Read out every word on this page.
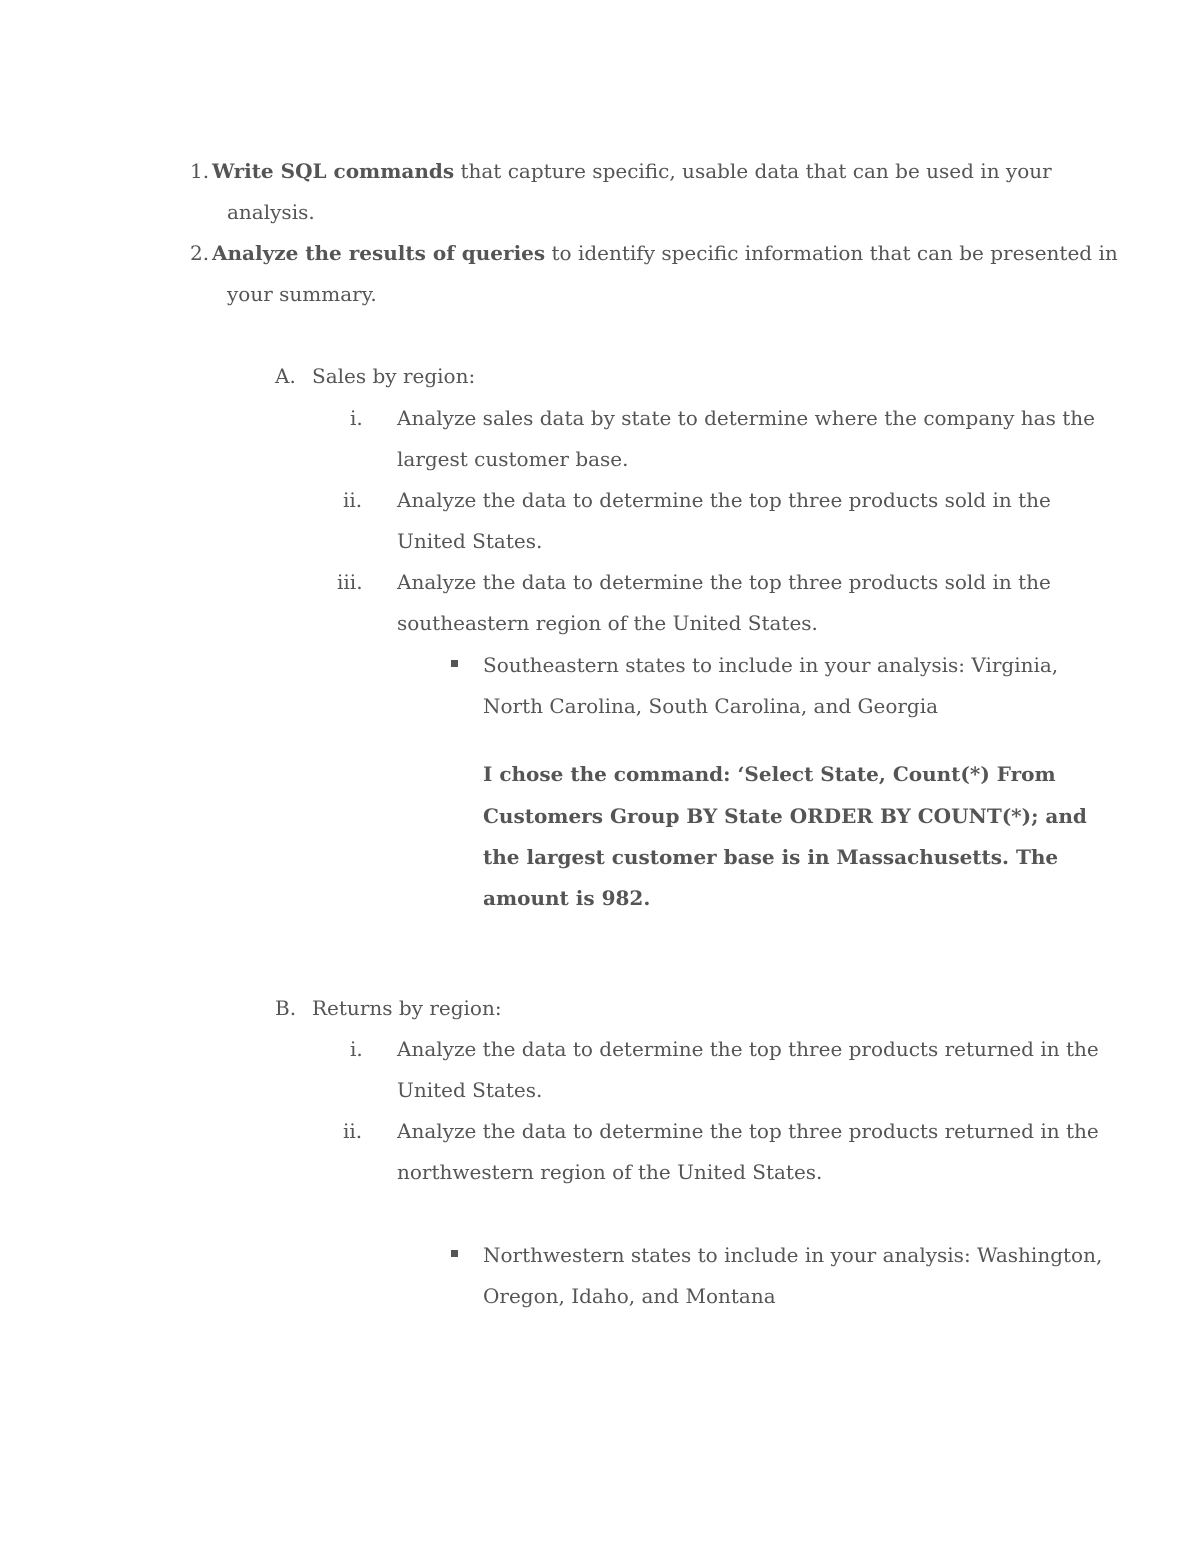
1. Write SQL commands that capture specific, usable data that can be used in your
analysis.
2. Analyze the results of queries to identify specific information that can be presented in
your summary.
A. Sales by region:
i. Analyze sales data by state to determine where the company has the
largest customer base.
ii. Analyze the data to determine the top three products sold in the
United States.
iii. Analyze the data to determine the top three products sold in the
southeastern region of the United States.
Southeastern states to include in your analysis: Virginia,
North Carolina, South Carolina, and Georgia
I chose the command: ‘Select State, Count(*) From
Customers Group BY State ORDER BY COUNT(*); and
the largest customer base is in Massachusetts. The
amount is 982.
B. Returns by region:
i. Analyze the data to determine the top three products returned in the
United States.
ii. Analyze the data to determine the top three products returned in the
northwestern region of the United States.
Northwestern states to include in your analysis: Washington,
Oregon, Idaho, and Montana
